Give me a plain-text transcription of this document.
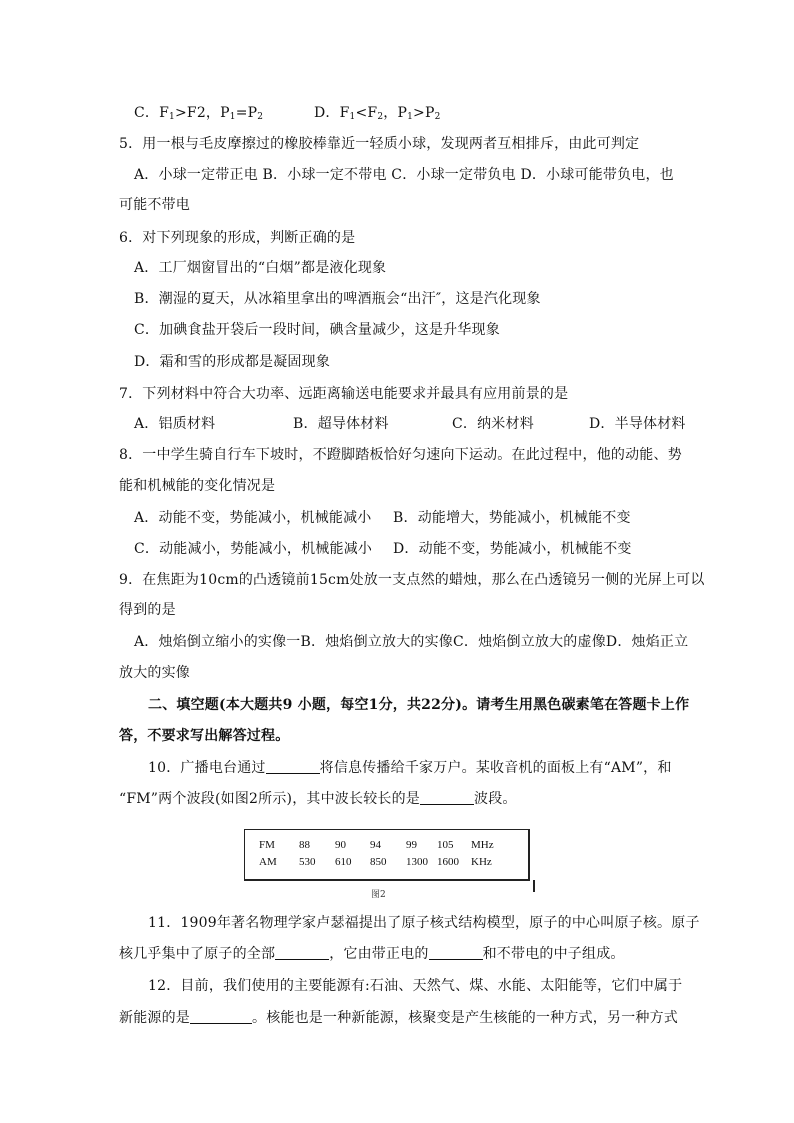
C．$F_1>F2$，$P_1=P_2$	D．$F_1<F_2$，$P_1>P_2$
5．用一根与毛皮摩擦过的橡胶棒靠近一轻质小球，发现两者互相排斥，由此可判定
A．小球一定带正电 B．小球一定不带电 C．小球一定带负电 D．小球可能带负电，也
可能不带电
6．对下列现象的形成，判断正确的是
A．工厂烟窗冒出的“白烟”都是液化现象
B．潮湿的夏天，从冰箱里拿出的啤酒瓶会“出汗″，这是汽化现象
C．加碘食盐开袋后一段时间，碘含量减少，这是升华现象
D．霜和雪的形成都是凝固现象
7．下列材料中符合大功率、远距离输送电能要求并最具有应用前景的是
A．铝质材料	B．超导体材料	C．纳米材料	D．半导体材料
8．一中学生骑自行车下坡时，不蹬脚踏板恰好匀速向下运动。在此过程中，他的动能、势
能和机械能的变化情况是
A．动能不变，势能减小，机械能减小 B．动能增大，势能减小，机械能不变
C．动能减小，势能减小，机械能减小 D．动能不变，势能减小，机械能不变
9．在焦距为10cm的凸透镜前15cm处放一支点然的蜡烛，那么在凸透镜另一侧的光屏上可以
得到的是
A．烛焰倒立缩小的实像一B．烛焰倒立放大的实像C．烛焰倒立放大的虚像D．烛焰正立
放大的实像
二、填空题(本大题共9 小题，每空1分，共22分)。请考生用黑色碳素笔在答题卡上作
答，不要求写出解答过程。
10．广播电台通过	将信息传播给千家万户。某收音机的面板上有“AM”，和
“FM”两个波段(如图2所示)，其中波长较长的是	波段。
FM	88	90	94	99	105	MHz
AM	530	610	850	1300	1600	KHz
图2
11．1909年著名物理学家卢瑟福提出了原子核式结构模型，原子的中心叫原子核。原子
核几乎集中了原子的全部	，它由带正电的	和不带电的中子组成。
12．目前，我们使用的主要能源有:石油、天然气、煤、水能、太阳能等，它们中属于
新能源的是	。核能也是一种新能源，核聚变是产生核能的一种方式，另一种方式
